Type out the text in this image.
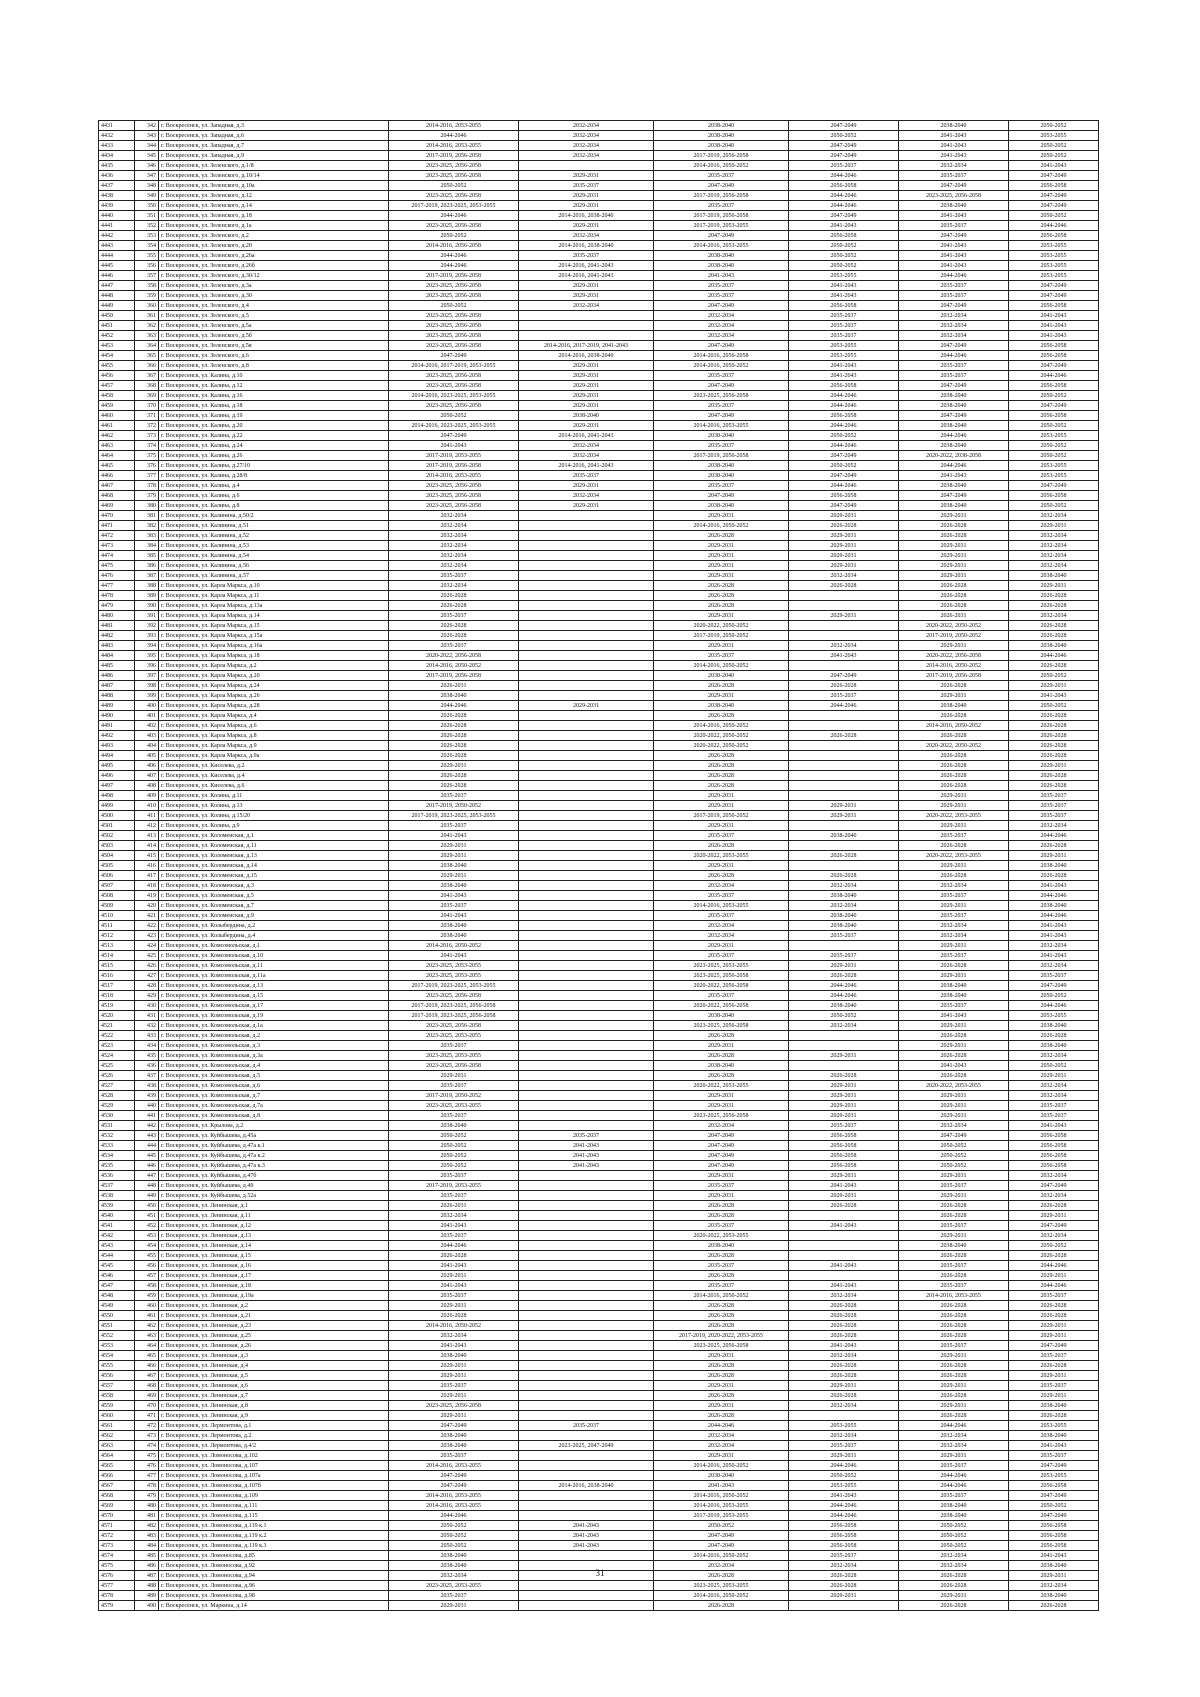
4431	342	г. Воскресенск, ул. Западная, д.3	2014-2016, 2053-2055	2032-2034	2038-2040	2047-2049	2038-2040	2050-2052
4432	343	г. Воскресенск, ул. Западная, д.6	2044-2046	2032-2034	2038-2040	2050-2052	2041-2043	2053-2055
4433	344	г. Воскресенск, ул. Западная, д.7	2014-2016, 2053-2055	2032-2034	2038-2040	2047-2049	2041-2043	2050-2052
4434	345	г. Воскресенск, ул. Западная, д.9	2017-2019, 2056-2058	2032-2034	2017-2019, 2056-2058	2047-2049	2041-2043	2050-2052
4435	346	г. Воскресенск, ул. Зеленского, д.1/8	2023-2025, 2056-2058		2014-2016, 2050-2052	2035-2037	2032-2034	2041-2043
4436	347	г. Воскресенск, ул. Зеленского, д.10/14	2023-2025, 2056-2058	2029-2031	2035-2037	2044-2046	2035-2037	2047-2049
4437	348	г. Воскресенск, ул. Зеленского, д.10а	2050-2052	2035-2037	2047-2049	2056-2058	2047-2049	2056-2058
4438	349	г. Воскресенск, ул. Зеленского, д.12	2023-2025, 2056-2058	2029-2031	2017-2019, 2056-2058	2044-2046	2023-2025, 2056-2058	2047-2049
4439	350	г. Воскресенск, ул. Зеленского, д.14	2017-2019, 2023-2025, 2053-2055	2029-2031	2035-2037	2044-2046	2038-2040	2047-2049
4440	351	г. Воскресенск, ул. Зеленского, д.18	2044-2046	2014-2016, 2038-2040	2017-2019, 2056-2058	2047-2049	2041-2043	2050-2052
4441	352	г. Воскресенск, ул. Зеленского, д.1а	2023-2025, 2056-2058	2029-2031	2017-2019, 2053-2055	2041-2043	2035-2037	2044-2046
4442	353	г. Воскресенск, ул. Зеленского, д.2	2050-2052	2032-2034	2047-2049	2056-2058	2047-2049	2056-2058
4443	354	г. Воскресенск, ул. Зеленского, д.20	2014-2016, 2056-2058	2014-2016, 2038-2040	2014-2016, 2053-2055	2050-2052	2041-2043	2053-2055
4444	355	г. Воскресенск, ул. Зеленского, д.26а	2044-2046	2035-2037	2038-2040	2050-2052	2041-2043	2053-2055
4445	356	г. Воскресенск, ул. Зеленского, д.26б	2044-2046	2014-2016, 2041-2043	2038-2040	2050-2052	2041-2043	2053-2055
4446	357	г. Воскресенск, ул. Зеленского, д.30/12	2017-2019, 2056-2058	2014-2016, 2041-2043	2041-2043	2053-2055	2044-2046	2053-2055
4447	358	г. Воскресенск, ул. Зеленского, д.3а	2023-2025, 2056-2058	2029-2031	2035-2037	2041-2043	2035-2037	2047-2049
4448	359	г. Воскресенск, ул. Зеленского, д.30	2023-2025, 2056-2058	2029-2031	2035-2037	2041-2043	2035-2037	2047-2049
4449	360	г. Воскресенск, ул. Зеленского, д.4	2050-2052	2032-2034	2047-2049	2056-2058	2047-2049	2056-2058
4450	361	г. Воскресенск, ул. Зеленского, д.5	2023-2025, 2056-2058		2032-2034	2035-2037	2032-2034	2041-2043
4451	362	г. Воскресенск, ул. Зеленского, д.5а	2023-2025, 2056-2058		2032-2034	2035-2037	2032-2034	2041-2043
4452	363	г. Воскресенск, ул. Зеленского, д.5б	2023-2025, 2056-2058		2032-2034	2035-2037	2032-2034	2041-2043
4453	364	г. Воскресенск, ул. Зеленского, д.5в	2023-2025, 2056-2058	2014-2016, 2017-2019, 2041-2043	2047-2049	2053-2055	2047-2049	2056-2058
4454	365	г. Воскресенск, ул. Зеленского, д.6	2047-2049	2014-2016, 2038-2040	2014-2016, 2056-2058	2053-2055	2044-2046	2056-2058
4455	366	г. Воскресенск, ул. Зеленского, д.8	2014-2016, 2017-2019, 2053-2055	2029-2031	2014-2016, 2050-2052	2041-2043	2035-2037	2047-2049
4456	367	г. Воскресенск, ул. Калина, д.10	2023-2025, 2056-2058	2029-2031	2035-2037	2041-2043	2035-2037	2044-2046
4457	368	г. Воскресенск, ул. Калина, д.12	2023-2025, 2056-2058	2029-2031	2047-2049	2056-2058	2047-2049	2056-2058
4458	369	г. Воскресенск, ул. Калина, д.16	2014-2016, 2023-2025, 2053-2055	2029-2031	2023-2025, 2056-2058	2044-2046	2038-2040	2050-2052
4459	370	г. Воскресенск, ул. Калина, д.18	2023-2025, 2056-2058	2029-2031	2035-2037	2044-2046	2038-2040	2047-2049
4460	371	г. Воскресенск, ул. Калина, д.19	2050-2052	2038-2040	2047-2049	2056-2058	2047-2049	2056-2058
4461	372	г. Воскресенск, ул. Калина, д.20	2014-2016, 2023-2025, 2053-2055	2029-2031	2014-2016, 2053-2055	2044-2046	2038-2040	2050-2052
4462	373	г. Воскресенск, ул. Калина, д.22	2047-2049	2014-2016, 2041-2043	2038-2040	2050-2052	2044-2046	2053-2055
4463	374	г. Воскресенск, ул. Калина, д.24	2041-2043	2032-2034	2035-2037	2044-2046	2038-2040	2050-2052
4464	375	г. Воскресенск, ул. Калина, д.26	2017-2019, 2053-2055	2032-2034	2017-2019, 2056-2058	2047-2049	2020-2022, 2038-2058	2050-2052
4465	376	г. Воскресенск, ул. Калина, д.27/10	2017-2019, 2056-2058	2014-2016, 2041-2043	2038-2040	2050-2052	2044-2046	2053-2055
4466	377	г. Воскресенск, ул. Калина, д.28/8	2014-2016, 2053-2055	2035-2037	2038-2040	2047-2049	2041-2043	2053-2055
4467	378	г. Воскресенск, ул. Калина, д.4	2023-2025, 2056-2058	2029-2031	2035-2037	2044-2046	2038-2040	2047-2049
4468	379	г. Воскресенск, ул. Калина, д.6	2023-2025, 2056-2058	2032-2034	2047-2049	2056-2058	2047-2049	2056-2058
4469	380	г. Воскресенск, ул. Калина, д.8	2023-2025, 2056-2058	2029-2031	2038-2040	2047-2049	2038-2040	2050-2052
4470	381	г. Воскресенск, ул. Калинина, д.50/2	2032-2034		2029-2031	2029-2031	2029-2031	2032-2034
4471	382	г. Воскресенск, ул. Калинина, д.51	2032-2034		2014-2016, 2050-2052	2026-2028	2026-2028	2029-2031
4472	383	г. Воскресенск, ул. Калинина, д.52	2032-2034		2026-2028	2029-2031	2026-2028	2032-2034
4473	384	г. Воскресенск, ул. Калинина, д.53	2032-2034		2029-2031	2029-2031	2029-2031	2032-2034
4474	385	г. Воскресенск, ул. Калинина, д.54	2032-2034		2029-2031	2029-2031	2029-2031	2032-2034
4475	386	г. Воскресенск, ул. Калинина, д.56	2032-2034		2029-2031	2029-2031	2029-2031	2032-2034
4476	387	г. Воскресенск, ул. Калинина, д.57	2035-2037		2029-2031	2032-2034	2029-2031	2038-2040
4477	388	г. Воскресенск, ул. Карла Маркса, д.10	2032-2034		2026-2028	2026-2028	2026-2028	2029-2031
4478	389	г. Воскресенск, ул. Карла Маркса, д.11	2026-2028		2026-2028		2026-2028	2026-2028
4479	390	г. Воскресенск, ул. Карла Маркса, д.13а	2026-2028		2026-2028		2026-2028	2026-2028
4480	391	г. Воскресенск, ул. Карла Маркса, д.14	2035-2037		2029-2031	2029-2031	2026-2031	2032-2034
4481	392	г. Воскресенск, ул. Карла Маркса, д.15	2026-2028		2020-2022, 2050-2052		2020-2022, 2050-2052	2026-2028
4482	393	г. Воскресенск, ул. Карла Маркса, д.15а	2026-2028		2017-2019, 2050-2052		2017-2019, 2050-2052	2026-2028
4483	394	г. Воскресенск, ул. Карла Маркса, д.16а	2035-2037		2029-2031	2032-2034	2029-2031	2038-2040
4484	395	г. Воскресенск, ул. Карла Маркса, д.18	2020-2022, 2056-2058		2035-2037	2041-2043	2020-2022, 2056-2058	2044-2046
4485	396	г. Воскресенск, ул. Карла Маркса, д.2	2014-2016, 2050-2052		2014-2016, 2050-2052		2014-2016, 2050-2052	2026-2028
4486	397	г. Воскресенск, ул. Карла Маркса, д.20	2017-2019, 2056-2058		2038-2040	2047-2049	2017-2019, 2056-2058	2050-2052
4487	398	г. Воскресенск, ул. Карла Маркса, д.24	2026-2031		2026-2028	2026-2028	2026-2028	2029-2031
4488	399	г. Воскресенск, ул. Карла Маркса, д.26	2038-2040		2029-2031	2035-2037	2029-2031	2041-2043
4489	400	г. Воскресенск, ул. Карла Маркса, д.28	2044-2046	2029-2031	2038-2040	2044-2046	2038-2040	2050-2052
4490	401	г. Воскресенск, ул. Карла Маркса, д.4	2026-2028		2026-2028		2026-2028	2026-2028
4491	402	г. Воскресенск, ул. Карла Маркса, д.6	2026-2028		2014-2016, 2050-2052		2014-2016, 2050-2052	2026-2028
4492	403	г. Воскресенск, ул. Карла Маркса, д.8	2026-2028		2020-2022, 2050-2052	2026-2028	2026-2028	2026-2028
4493	404	г. Воскресенск, ул. Карла Маркса, д.9	2026-2028		2020-2022, 2050-2052		2020-2022, 2050-2052	2026-2028
4494	405	г. Воскресенск, ул. Карла Маркса, д.9а	2026-2028		2026-2028		2026-2028	2026-2028
4495	406	г. Воскресенск, ул. Киселева, д.2	2029-2031		2026-2028		2026-2028	2029-2031
4496	407	г. Воскресенск, ул. Киселева, д.4	2026-2028		2026-2028		2026-2028	2026-2028
4497	408	г. Воскресенск, ул. Киселева, д.6	2026-2028		2026-2028		2026-2028	2026-2028
4498	409	г. Воскресенск, ул. Колина, д.11	2035-2037		2029-2031		2029-2031	2035-2037
4499	410	г. Воскресенск, ул. Колина, д.13	2017-2019, 2050-2052		2029-2031	2029-2031	2029-2031	2035-2037
4500	411	г. Воскресенск, ул. Колина, д.15/20	2017-2019, 2023-2025, 2053-2055		2017-2019, 2050-2052	2029-2031	2020-2022, 2053-2055	2035-2037
4501	412	г. Воскресенск, ул. Колина, д.9	2035-2037		2029-2031		2029-2031	2032-2034
4502	413	г. Воскресенск, ул. Коломенская, д.1	2041-2043		2035-2037	2038-2040	2035-2037	2044-2046
4503	414	г. Воскресенск, ул. Коломенская, д.11	2029-2031		2026-2028		2026-2028	2026-2028
4504	415	г. Воскресенск, ул. Коломенская, д.13	2029-2031		2020-2022, 2053-2055	2026-2028	2020-2022, 2053-2055	2029-2031
4505	416	г. Воскресенск, ул. Коломенская, д.14	2038-2040		2029-2031		2029-2031	2038-2040
4506	417	г. Воскресенск, ул. Коломенская, д.15	2029-2031		2026-2028	2026-2028	2026-2028	2026-2028
4507	418	г. Воскресенск, ул. Коломенская, д.3	2038-2040		2032-2034	2032-2034	2032-2034	2041-2043
4508	419	г. Воскресенск, ул. Коломенская, д.5	2041-2043		2035-2037	2038-2040	2035-2037	2044-2046
4509	420	г. Воскресенск, ул. Коломенская, д.7	2035-2037		2014-2016, 2053-2055	2032-2034	2029-2031	2038-2040
4510	421	г. Воскресенск, ул. Коломенская, д.9	2041-2043		2035-2037	2038-2040	2035-2037	2044-2046
4511	422	г. Воскресенск, ул. Колыбердина, д.2	2038-2040		2032-2034	2038-2040	2032-2034	2041-2043
4512	423	г. Воскресенск, ул. Колыбердина, д.4	2038-2040		2032-2034	2035-2037	2032-2034	2041-2043
4513	424	г. Воскресенск, ул. Комсомольская, д.1	2014-2016, 2050-2052		2029-2031		2029-2031	2032-2034
4514	425	г. Воскресенск, ул. Комсомольская, д.10	2041-2043		2035-2037	2035-2037	2035-2037	2041-2043
4515	426	г. Воскресенск, ул. Комсомольская, д.11	2023-2025, 2053-2055		2023-2025, 2053-2055	2029-2031	2026-2028	2032-2034
4516	427	г. Воскресенск, ул. Комсомольская, д.11а	2023-2025, 2053-2055		2023-2025, 2056-2058	2026-2028	2029-2031	2035-2037
4517	428	г. Воскресенск, ул. Комсомольская, д.13	2017-2019, 2023-2025, 2053-2055		2020-2022, 2056-2058	2044-2046	2038-2040	2047-2049
4518	429	г. Воскресенск, ул. Комсомольская, д.15	2023-2025, 2056-2058		2035-2037	2044-2046	2038-2040	2050-2052
4519	430	г. Воскресенск, ул. Комсомольская, д.17	2017-2019, 2023-2025, 2056-2058		2020-2022, 2056-2058	2038-2040	2035-2037	2044-2046
4520	431	г. Воскресенск, ул. Комсомольская, д.19	2017-2019, 2023-2025, 2056-2058		2038-2040	2050-2052	2041-2043	2053-2055
4521	432	г. Воскресенск, ул. Комсомольская, д.1а	2023-2025, 2056-2058		2023-2025, 2056-2058	2032-2034	2029-2031	2038-2040
4522	433	г. Воскресенск, ул. Комсомольская, д.2	2023-2025, 2053-2055		2026-2028		2026-2028	2026-2028
4523	434	г. Воскресенск, ул. Комсомольская, д.3	2035-2037		2029-2031		2029-2031	2038-2040
4524	435	г. Воскресенск, ул. Комсомольская, д.3а	2023-2025, 2053-2055		2026-2028	2029-2031	2026-2028	2032-2034
4525	436	г. Воскресенск, ул. Комсомольская, д.4	2023-2025, 2056-2058		2038-2040		2041-2043	2050-2052
4526	437	г. Воскресенск, ул. Комсомольская, д.5	2029-2031		2026-2028	2026-2028	2026-2028	2029-2031
4527	438	г. Воскресенск, ул. Комсомольская, д.6	2035-2037		2020-2022, 2053-2055	2029-2031	2020-2022, 2053-2055	2032-2034
4528	439	г. Воскресенск, ул. Комсомольская, д.7	2017-2019, 2050-2052		2029-2031	2029-2031	2029-2031	2032-2034
4529	440	г. Воскресенск, ул. Комсомольская, д.7а	2023-2025, 2053-2055		2029-2031	2029-2031	2029-2031	2035-2037
4530	441	г. Воскресенск, ул. Комсомольская, д.8	2035-2037		2023-2025, 2056-2058	2029-2031	2029-2031	2035-2037
4531	442	г. Воскресенск, ул. Крылова, д.2	2038-2040		2032-2034	2035-2037	2032-2034	2041-2043
4532	443	г. Воскресенск, ул. Куйбышева, д.45а	2050-2052	2035-2037	2047-2049	2056-2058	2047-2049	2056-2058
4533	444	г. Воскресенск, ул. Куйбышева, д.47а к.1	2050-2052	2041-2043	2047-2049	2056-2058	2050-2052	2056-2058
4534	445	г. Воскресенск, ул. Куйбышева, д.47а к.2	2050-2052	2041-2043	2047-2049	2056-2058	2050-2052	2056-2058
4535	446	г. Воскресенск, ул. Куйбышева, д.47а к.3	2050-2052	2041-2043	2047-2049	2056-2058	2050-2052	2056-2058
4536	447	г. Воскресенск, ул. Куйбышева, д.47б	2035-2037		2029-2031	2029-2031	2029-2031	2032-2034
4537	448	г. Воскресенск, ул. Куйбышева, д.49	2017-2019, 2053-2055		2035-2037	2041-2043	2035-2037	2047-2049
4538	449	г. Воскресенск, ул. Куйбышева, д.52а	2035-2037		2029-2031	2029-2031	2029-2031	2032-2034
4539	450	г. Воскресенск, ул. Ленинская, д.1	2026-2031		2026-2028	2026-2028	2026-2028	2026-2028
4540	451	г. Воскресенск, ул. Ленинская, д.11	2032-2034		2026-2028		2026-2028	2029-2031
4541	452	г. Воскресенск, ул. Ленинская, д.12	2041-2043		2035-2037	2041-2043	2035-2037	2047-2049
4542	453	г. Воскресенск, ул. Ленинская, д.13	2035-2037		2020-2022, 2053-2055		2029-2031	2032-2034
4543	454	г. Воскресенск, ул. Ленинская, д.14	2044-2046		2038-2040		2038-2040	2050-2052
4544	455	г. Воскресенск, ул. Ленинская, д.15	2026-2028		2026-2028		2026-2028	2026-2028
4545	456	г. Воскресенск, ул. Ленинская, д.16	2041-2043		2035-2037	2041-2043	2035-2037	2044-2046
4546	457	г. Воскресенск, ул. Ленинская, д.17	2029-2031		2026-2028		2026-2028	2029-2031
4547	458	г. Воскресенск, ул. Ленинская, д.18	2041-2043		2035-2037	2041-2043	2035-2037	2044-2046
4548	459	г. Воскресенск, ул. Ленинская, д.19а	2035-2037		2014-2016, 2050-2052	2032-2034	2014-2016, 2053-2055	2035-2037
4549	460	г. Воскресенск, ул. Ленинская, д.2	2029-2031		2026-2028	2026-2028	2026-2028	2026-2028
4550	461	г. Воскресенск, ул. Ленинская, д.21	2026-2028		2026-2028	2026-2028	2026-2028	2026-2028
4551	462	г. Воскресенск, ул. Ленинская, д.23	2014-2016, 2050-2052		2026-2028	2026-2028	2026-2028	2029-2031
4552	463	г. Воскресенск, ул. Ленинская, д.25	2032-2034		2017-2019, 2020-2022, 2053-2055	2026-2028	2026-2028	2029-2031
4553	464	г. Воскресенск, ул. Ленинская, д.26	2041-2043		2023-2025, 2056-2058	2041-2043	2035-2037	2047-2049
4554	465	г. Воскресенск, ул. Ленинская, д.3	2038-2040		2029-2031	2032-2034	2029-2031	2035-2037
4555	466	г. Воскресенск, ул. Ленинская, д.4	2029-2031		2026-2028	2026-2028	2026-2028	2026-2028
4556	467	г. Воскресенск, ул. Ленинская, д.5	2029-2031		2026-2028	2026-2028	2026-2028	2029-2031
4557	468	г. Воскресенск, ул. Ленинская, д.6	2035-2037		2029-2031	2029-2031	2029-2031	2035-2037
4558	469	г. Воскресенск, ул. Ленинская, д.7	2029-2031		2026-2028	2026-2028	2026-2028	2029-2031
4559	470	г. Воскресенск, ул. Ленинская, д.8	2023-2025, 2056-2058		2029-2031	2032-2034	2029-2031	2038-2040
4560	471	г. Воскресенск, ул. Ленинская, д.9	2029-2031		2026-2028		2026-2028	2026-2028
4561	472	г. Воскресенск, ул. Лермонтова, д.1	2047-2049	2035-2037	2044-2046	2053-2055	2044-2046	2053-2055
4562	473	г. Воскресенск, ул. Лермонтова, д.2	2038-2040		2032-2034	2032-2034	2032-2034	2038-2040
4563	474	г. Воскресенск, ул. Лермонтова, д.4/2	2038-2040	2023-2025, 2047-2049	2032-2034	2035-2037	2032-2034	2041-2043
4564	475	г. Воскресенск, ул. Ломоносова, д.102	2035-2037		2029-2031	2029-2031	2029-2031	2035-2037
4565	476	г. Воскресенск, ул. Ломоносова, д.107	2014-2016, 2053-2055		2014-2016, 2050-2052	2044-2046	2035-2037	2047-2049
4566	477	г. Воскресенск, ул. Ломоносова, д.107а	2047-2049		2038-2040	2050-2052	2044-2046	2053-2055
4567	478	г. Воскресенск, ул. Ломоносова, д.107б	2047-2049	2014-2016, 2038-2040	2041-2043	2053-2055	2044-2046	2056-2058
4568	479	г. Воскресенск, ул. Ломоносова, д.109	2014-2016, 2053-2055		2014-2016, 2050-2052	2041-2043	2035-2037	2047-2049
4569	480	г. Воскресенск, ул. Ломоносова, д.111	2014-2016, 2053-2055		2014-2016, 2053-2055	2044-2046	2038-2040	2050-2052
4570	481	г. Воскресенск, ул. Ломоносова, д.115	2044-2046		2017-2019, 2053-2055	2044-2046	2038-2040	2047-2049
4571	482	г. Воскресенск, ул. Ломоносова, д.119 к.1	2050-2052	2041-2043	2050-2052	2056-2058	2050-2052	2056-2058
4572	483	г. Воскресенск, ул. Ломоносова, д.119 к.2	2050-2052	2041-2043	2047-2049	2056-2058	2050-2052	2056-2058
4573	484	г. Воскресенск, ул. Ломоносова, д.119 к.3	2050-2052	2041-2043	2047-2049	2056-2058	2050-2052	2056-2058
4574	485	г. Воскресенск, ул. Ломоносова, д.85	2038-2040		2014-2016, 2050-2052	2035-2037	2032-2034	2041-2043
4575	486	г. Воскресенск, ул. Ломоносова, д.92	2038-2040		2032-2034	2032-2034	2032-2034	2038-2040
4576	487	г. Воскресенск, ул. Ломоносова, д.94	2032-2034		2026-2028	2026-2028	2026-2028	2029-2031
4577	488	г. Воскресенск, ул. Ломоносова, д.96	2023-2025, 2053-2055		2023-2025, 2053-2055	2026-2028	2026-2028	2032-2034
4578	489	г. Воскресенск, ул. Ломоносова, д.98	2035-2037		2014-2016, 2050-2052	2029-2031	2029-2031	2038-2040
4579	490	г. Воскресенск, ул. Маркина, д.14	2029-2031		2026-2028		2026-2028	2026-2028
31
